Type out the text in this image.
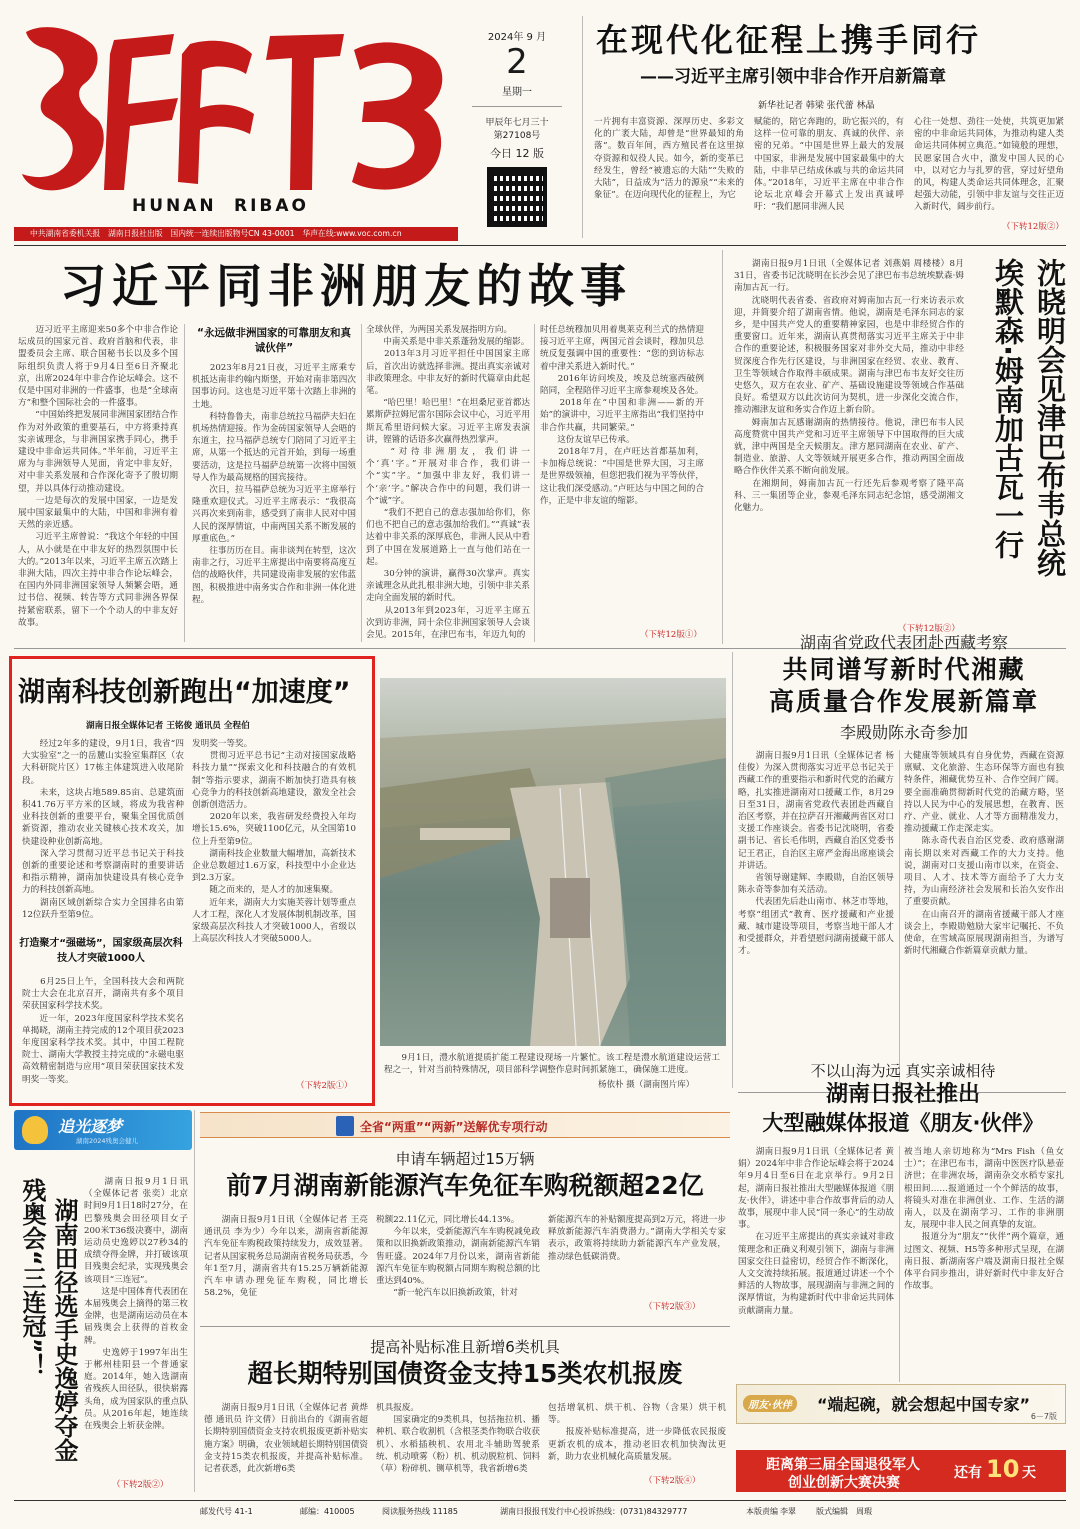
HUNAN RIBAO
2024年 9 月
2
星期一
甲辰年七月三十
第27108号
今日 12 版
在现代化征程上携手同行
——习近平主席引领中非合作开启新篇章
新华社记者 韩梁 张代蕾 林晶
一片拥有丰富资源、深厚历史、多彩文化的广袤大陆，却曾是“世界最知的角落”。数百年间，西方殖民者在这里掠夺资源和奴役人民。如今，新的变革已经发生，曾经“被遗忘的大陆”“失败的大陆”，日益成为“活力的源泉”“未来的象征”。在迈向现代化的征程上，为它
赋能的，陪它奔跑的，助它振兴的，有这样一位可靠的朋友、真诚的伙伴、亲密的兄弟。“中国是世界上最大的发展中国家，非洲是发展中国家最集中的大陆，中非早已结成休戚与共的命运共同体。”2018年，习近平主席在中非合作论坛北京峰会开幕式上发出真诚呼吁：“我们愿同非洲人民
心往一处想、劲往一处使，共筑更加紧密的中非命运共同体，为推动构建人类命运共同体树立典范。”如镜般的理想，民愿家国合火中，激发中国人民的心中，以对它力与扎罗的营，穿过好望角的风，构建人类命运共同体理念，汇聚起强大动能，引领中非友谊与交往正迈入新时代，阔步前行。
（下转12版②）
中共湖南省委机关报　湖南日报社出版　国内统一连续出版物号CN 43-0001　华声在线:www.voc.com.cn
习近平同非洲朋友的故事
　　迈习近平主席迎来50多个中非合作论坛成员的国家元首、政府首脑和代表，非盟委员会主席、联合国秘书长以及多个国际组织负责人将于9月4日至6日齐聚北京，出席2024年中非合作论坛峰会。这不仅是中国对非洲的一件盛事，也是“全球南方”和整个国际社会的一件盛事。
　　“中国始终把发展同非洲国家团结合作作为对外政策的重要基石，中方将秉持真实亲诚理念，与非洲国家携手同心，携手建设中非命运共同体。”半年前，习近平主席为与非洲领导人见面，肯定中非友好，对中非关系发展和合作深化寄予了殷切期望，并以具体行动推动建设。
　　一边是每次的发展中国家，一边是发展中国家最集中的大陆，中国和非洲有着天然的亲近感。
　　习近平主席曾说：“我这个年轻的中国人，从小就是在中非友好的热烈氛围中长大的。”2013年以来，习近平主席五次踏上非洲大陆，四次主持中非合作论坛峰会，在国内外同非洲国家领导人频繁会晤，通过书信、视频、转告等方式同非洲各界保持紧密联系，留下一个个动人的中非友好故事。
“永远做非洲国家的可靠朋友和真诚伙伴”
　　2023年8月21日夜，习近平主席乘专机抵达南非约翰内斯堡，开始对南非第四次国事访问。这也是习近平第十次踏上非洲的土地。
　　科特鲁鲁夫，南非总统拉马福萨夫妇在机场热情迎接。作为金砖国家领导人会晤的东道主，拉马福萨总统专门陪同了习近平主席，从第一个抵达的元首开始，到每一场重要活动，这是拉马福萨总统第一次将中国领导人作为最高规格的国宾接待。
　　次日，拉马福萨总统为习近平主席举行隆重欢迎仪式。习近平主席表示：“我很高兴再次来到南非，感受到了南非人民对中国人民的深厚情谊，中南两国关系不断发展的厚重底色。”
　　往事历历在目。南非谈判在转型，这次南非之行，习近平主席提出中南要将高度互信的战略伙伴，共同建设南非发展的宏伟蓝图，积极推进中南务实合作和非洲一体化进程。
全球伙伴，为两国关系发展指明方向。
　　中南关系是中非关系蓬勃发展的缩影。
　　2013年3月习近平担任中国国家主席后，首次出访就选择非洲。提出真实亲诚对非政策理念。中非友好的新时代篇章由此起笔。
　　“哈巴里！哈巴里！”在坦桑尼亚首都达累斯萨拉姆尼雷尔国际会议中心，习近平用斯瓦希里语问候大家。习近平主席发表演讲，铿锵的话语多次赢得热烈掌声。
　　“对待非洲朋友，我们讲一个‘真’字。”开展对非合作，我们讲一个“实”字。“加强中非友好，我们讲一个‘亲’字。”解决合作中的问题，我们讲一个“诚”字。
　　“我们不把自己的意志强加给你们，你们也不把自己的意志强加给我们。”“真诚”表达着中非关系的深厚底色，非洲人民从中看到了中国在发展道路上一直与他们站在一起。
　　30分钟的演讲，赢得30次掌声。真实亲诚理念从此扎根非洲大地，引领中非关系走向全面发展的新时代。
　　从2013年到2023年，习近平主席五次到访非洲，同十余位非洲国家领导人会谈会见。2015年，在津巴布韦，年迈九旬的
时任总统穆加贝用着奥莱克利兰式的热情迎接习近平主席，两国元首会谈时，穆加贝总统反复强调中国的重要性：“您的到访标志着中津关系进入新时代。”
　　2016年访问埃及，埃及总统塞西破例陪同，全程陪伴习近平主席参观埃及各处。
　　2018年在“中国和非洲——新的开始”的演讲中，习近平主席指出“我们坚持中非合作共赢，共同繁荣。”
　　这份友谊早已传承。
　　2018年7月，在卢旺达首都基加利，卡加梅总统说：“中国是世界大国，习主席是世界级领袖，但您把我们视为平等伙伴，这让我们深受感动。”卢旺达与中国之间的合作，正是中非友谊的缩影。
（下转12版①）
　　湖南日报9月1日讯（全媒体记者 刘燕娟 周楼楼）8月31日，省委书记沈晓明在长沙会见了津巴布韦总统埃默森·姆南加古瓦一行。
　　沈晓明代表省委、省政府对姆南加古瓦一行来访表示欢迎，并简要介绍了湖南省情。他说，湖南是毛泽东同志的家乡，是中国共产党人的重要精神家园，也是中非经贸合作的重要窗口。近年来，湖南认真贯彻落实习近平主席关于中非合作的重要论述，积极服务国家对非外交大局，推动中非经贸深度合作先行区建设，与非洲国家在经贸、农业、教育、卫生等领域合作取得丰硕成果。湖南与津巴布韦友好交往历史悠久，双方在农业、矿产、基础设施建设等领域合作基础良好。希望双方以此次访问为契机，进一步深化交流合作，推动湘津友谊和务实合作迈上新台阶。
　　姆南加古瓦感谢湖南的热情接待。他说，津巴布韦人民高度赞赏中国共产党和习近平主席领导下中国取得的巨大成就，津中两国是全天候朋友。津方愿同湖南在农业、矿产、制造业、旅游、人文等领域开展更多合作，推动两国全面战略合作伙伴关系不断向前发展。
　　在湘期间，姆南加古瓦一行还先后参观考察了隆平高科、三一集团等企业，参观毛泽东同志纪念馆，感受湖湘文化魅力。
（下转12版②）
沈晓明会见津巴布韦总统
埃默森·姆南加古瓦一行
湖南科技创新跑出“加速度”
湖南日报全媒体记者 王铭俊 通讯员 全程伯
　　经过2年多的建设，9月1日，我省“四大实验室”之一的岳麓山实验室集群区（农大科研院片区）17栋主体建筑进入收尾阶段。
　　未来，这块占地589.85亩、总建筑面积41.76万平方米的区域，将成为我省种业科技创新的重要平台，聚集全国优质创新资源，推动农业关键核心技术攻关，加快建设种业创新高地。
　　深入学习贯彻习近平总书记关于科技创新的重要论述和考察湖南时的重要讲话和指示精神，湖南加快建设具有核心竞争力的科技创新高地。
　　湖南区域创新综合实力全国排名由第12位跃升至第9位。
打造聚才“强磁场”，国家级高层次科技人才突破1000人
　　6月25日上午，全国科技大会和两院院士大会在北京召开，湖南共有多个项目荣获国家科学技术奖。
　　近一年，2023年度国家科学技术奖名单揭晓，湖南主持完成的12个项目获2023年度国家科学技术奖。其中，中国工程院院士、湖南大学教授主持完成的“永磁电驱高效精密制造与应用”项目荣获国家技术发明奖一等奖。
发明奖一等奖。
　　贯彻习近平总书记“主动对接国家战略科技力量”“探索文化和科技融合的有效机制”等指示要求，湖南不断加快打造具有核心竞争力的科技创新高地建设，激发全社会创新创造活力。
　　2020年以来，我省研发经费投入年均增长15.6%，突破1100亿元，从全国第10位上升至第9位。
　　湖南科技企业数量大幅增加，高新技术企业总数超过1.6万家，科技型中小企业达到2.3万家。
　　随之而来的，是人才的加速集聚。
　　近年来，湖南大力实施芙蓉计划等重点人才工程，深化人才发展体制机制改革，国家级高层次科技人才突破1000人，省级以上高层次科技人才突破5000人。
（下转2版①）
　　9月1日，澧水航道提质扩能工程建设现场一片繁忙。该工程是澧水航道建设运营工程之一，针对当前特殊情况，项目部科学调整作息时间抓紧施工，确保施工进度。
杨依朴 摄（湖南图片库）
湖南省党政代表团赴西藏考察
共同谱写新时代湘藏
高质量合作发展新篇章
李殿勋陈永奇参加
　　湖南日报9月1日讯（全媒体记者 杨佳俊）为深入贯彻落实习近平总书记关于西藏工作的重要指示和新时代党的治藏方略，扎实推进湖南对口援藏工作，8月29日至31日，湖南省党政代表团赴西藏自治区考察，并在拉萨召开湘藏两省区对口支援工作座谈会。省委书记沈晓明，省委副书记、省长毛伟明，西藏自治区党委书记王君正，自治区主席严金海出席座谈会并讲话。
　　省领导谢建辉、李殿勋，自治区领导陈永奇等参加有关活动。
　　代表团先后赴山南市、林芝市等地，考察“组团式”教育、医疗援藏和产业援藏、城市建设等项目，考察当地干部人才和受援群众，并看望慰问湖南援藏干部人才。
大健康等领域具有自身优势，西藏在资源禀赋、文化旅游、生态环保等方面也有独特条件，湘藏优势互补、合作空间广阔。要全面准确贯彻新时代党的治藏方略，坚持以人民为中心的发展思想，在教育、医疗、产业、就业、人才等方面精准发力，推动援藏工作走深走实。
　　陈永奇代表自治区党委、政府感谢湖南长期以来对西藏工作的大力支持。他说，湖南对口支援山南市以来，在资金、项目、人才、技术等方面给予了大力支持，为山南经济社会发展和长治久安作出了重要贡献。
　　在山南召开的湖南省援藏干部人才座谈会上，李殿勋勉励大家牢记嘱托、不负使命，在雪域高原展现湖南担当，为谱写新时代湘藏合作新篇章贡献力量。
不以山海为远 真实亲诚相待
湖南日报社推出
大型融媒体报道《朋友·伙伴》
　　湖南日报9月1日讯（全媒体记者 黄娟）2024年中非合作论坛峰会将于2024年9月4日至6日在北京举行。9月2日起，湖南日报社推出大型融媒体报道《朋友·伙伴》，讲述中非合作故事背后的动人故事，展现中非人民“同一条心”的生动故事。
　　在习近平主席提出的真实亲诚对非政策理念和正确义利观引领下，湖南与非洲国家交往日益密切，经贸合作不断深化，人文交流持续拓展。报道通过讲述一个个鲜活的人物故事，展现湖南与非洲之间的深厚情谊，为构建新时代中非命运共同体贡献湖南力量。
被当地人亲切地称为“Mrs Fish（鱼女士）”；在津巴布韦，湖南中医医疗队悬壶济世；在非洲农场，湖南杂交水稻专家扎根田间……报道通过一个个鲜活的故事，将镜头对准在非洲创业、工作、生活的湖南人，以及在湖南学习、工作的非洲朋友，展现中非人民之间真挚的友谊。
　　报道分为“朋友”“伙伴”两个篇章，通过图文、视频、H5等多种形式呈现，在湖南日报、新湖南客户端及湖南日报社全媒体平台同步推出，讲好新时代中非友好合作故事。
追光逐梦
湖南2024残奥会健儿
湖南田径选手史逸婷夺金
残奥会“三连冠”！	　　湖南日报9月1日讯（全媒体记者 张奕）北京时间9月1日18时27分，在巴黎残奥会田径项目女子200米T36级决赛中，湖南运动员史逸婷以27秒34的成绩夺得金牌，并打破该项目残奥会纪录，实现残奥会该项目“三连冠”。
　　这是中国体育代表团在本届残奥会上摘得的第三枚金牌，也是湖南运动员在本届残奥会上获得的首枚金牌。
　　史逸婷于1997年出生于郴州桂阳县一个普通家庭。2014年，她入选湖南省残疾人田径队，很快崭露头角，成为国家队的重点队员。从2016年起，她连续在残奥会上斩获金牌。
（下转2版②）
全省“两重”“两新”送解优专项行动
申请车辆超过15万辆
前7月湖南新能源汽车免征车购税额超22亿
　　湖南日报9月1日讯（全媒体记者 王亮 通讯员 李为少）今年以来，湖南省新能源汽车免征车购税政策持续发力，成效显著。记者从国家税务总局湖南省税务局获悉，今年1至7月，湖南省共有15.25万辆新能源汽车申请办理免征车购税，同比增长58.2%，免征
税额22.11亿元，同比增长44.13%。
　　今年以来，受新能源汽车车购税减免政策和以旧换新政策推动，湖南新能源汽车销售旺盛。2024年7月份以来，湖南省新能源汽车免征车购税额占同期车购税总额的比重达到40%。
　　“新一轮汽车以旧换新政策，针对
新能源汽车的补贴额度提高到2万元，将进一步释放新能源汽车消费潜力。”湖南大学相关专家表示，政策将持续助力新能源汽车产业发展，推动绿色低碳消费。
（下转2版③）
提高补贴标准且新增6类机具
超长期特别国债资金支持15类农机报废
　　湖南日报9月1日讯（全媒体记者 黄烨德 通讯员 许文倩）日前出台的《湖南省超长期特别国债资金支持农机报废更新补贴实施方案》明确，农业领域超长期特别国债资金支持15类农机报废，并提高补贴标准。记者获悉，此次新增6类
机具报废。
　　国家确定的9类机具，包括拖拉机、播种机、联合收割机（含根茎类作物联合收获机）、水稻插秧机、农用北斗辅助驾驶系统、机动喷雾（粉）机、机动脱粒机、饲料（草）粉碎机、铡草机等，我省新增6类
包括增氧机、烘干机、谷物（含果）烘干机等。
　　报废补贴标准提高，进一步降低农民报废更新农机的成本，推动老旧农机加快淘汰更新，助力农业机械化高质量发展。
（下转2版④）
朋友·伙伴	“端起碗，就会想起中国专家”
6－7版
距离第三届全国退役军人
创业创新大赛决赛
还有 10 天
邮发代号 41-1	邮编：410005	阅读服务热线 11185	湖南日报报刊发行中心投诉热线：(0731)84329777	本版责编 李翠	版式编辑 周瑕
